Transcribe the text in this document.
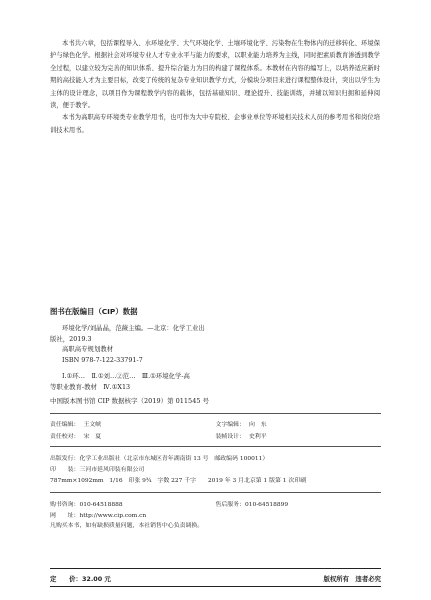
本书共六章，包括课程导入、水环境化学、大气环境化学、土壤环境化学、污染物在生物体内的迁移转化、环境保护与绿色化学。根据社会对环境专业人才专业水平与能力的要求，以职业能力培养为主线，同时把素质教育渗透到教学全过程，以建立较为完善的知识体系、提升综合能力为目的构建了课程体系。本教材在内容的编写上，以培养适应新时期的高技能人才为主要目标，改变了传统的复杂专业知识教学方式，分模块分项目来进行课程整体设计，突出以学生为主体的设计理念，以项目作为课程教学内容的载体，包括基础知识、理论提升、技能训练，并辅以知识归拥和延伸阅读，便于教学。

本书为高职高专环境类专业教学用书，也可作为大中专院校、企事业单位等环境相关技术人员的参考用书和岗位培训技术用书。

图书在版编目（CIP）数据
环境化学/刘晶晶，范薇主编。—北京：化学工业出
版社，2019.3
高职高专规划教材
ISBN 978-7-122-33791-7
Ⅰ.①环…　Ⅱ.①刘…②范…　Ⅲ.①环境化学-高
等职业教育-教材　Ⅳ.①X13
中国版本图书馆 CIP 数据核字（2019）第 011545 号
责任编辑： 王文峡	文字编辑： 向　东
责任校对： 宋　夏	装帧设计： 史利平
出版发行：化学工业出版社（北京市东城区青年湖南街 13 号　邮政编码 100011）
印　　装：三河市延风印装有限公司
787mm×1092mm　1/16　印张 9¾　字数 227 千字　　2019 年 3 月北京第 1 版第 1 次印刷
购书咨询：010-64518888	售后服务：010-64518899
网　　址：http://www.cip.com.cn
凡购买本书，如有缺损质量问题，本社销售中心负责调换。
定　　价：32.00 元	版权所有　违者必究
